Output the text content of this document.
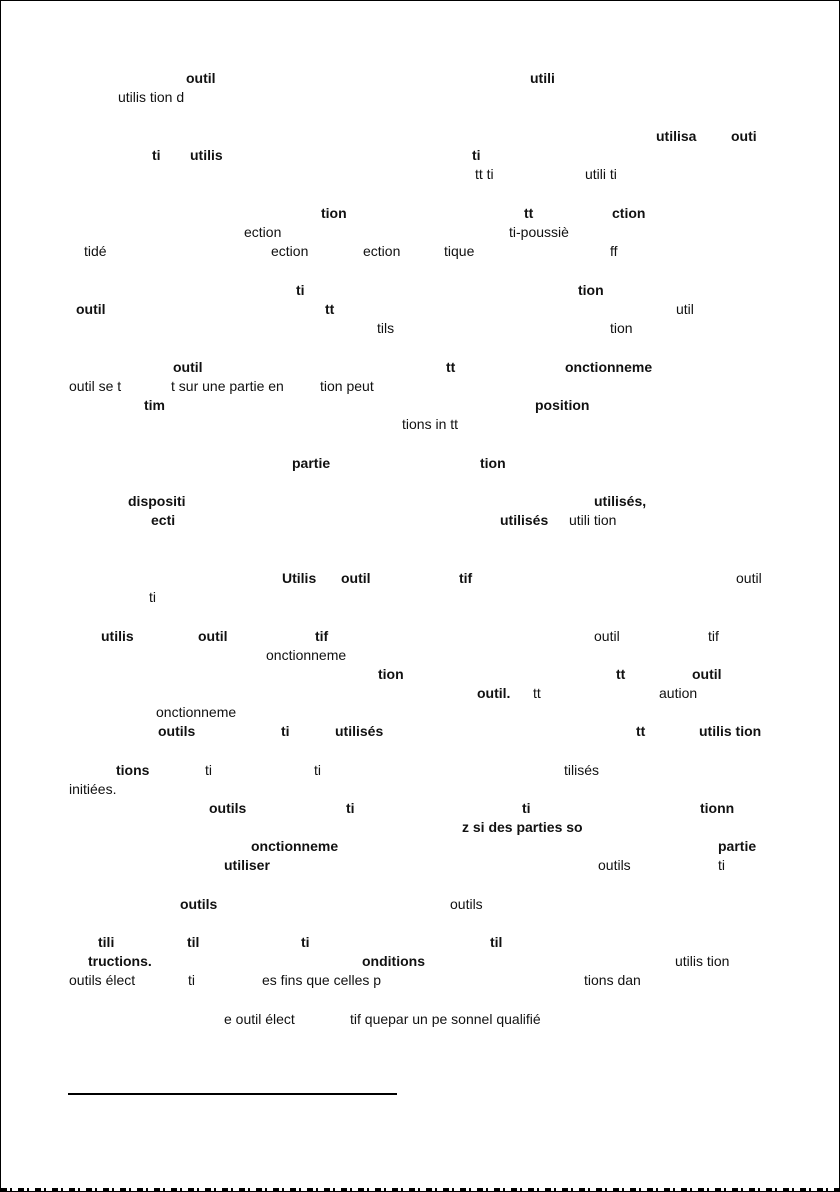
outil	utili
utilis tion d
utilisa outi
ti utilis	ti
tt ti	utili ti
tion	tt	ction
ection	ti-poussiè
tidé	ection	ection	tique	ff
ti	tion
outil	tt	util
tils	tion
outil	tt	onctionneme
outil se t	t sur une partie en	tion peut
tim	position
tions in tt
partie	tion
dispositi	utilisés,
ecti	utilisés utili tion
Utilis outil	tif	outil
ti
utilis	outil	tif	outil	tif
onctionneme
tion	tt	outil
outil. tt	aution
onctionneme
outils	ti	utilisés	tt	utilis tion
tions	ti	ti	tilisés
initiées.
outils	ti	ti	tionn
z si des parties so
onctionneme	partie
utiliser	outils	ti
outils	outils
tili	til	ti	til
tructions.	onditions	utilis tion
outils élect	ti	es fins que celles p	tions dan
e outil élect	tif quepar un pe sonnel qualifié
